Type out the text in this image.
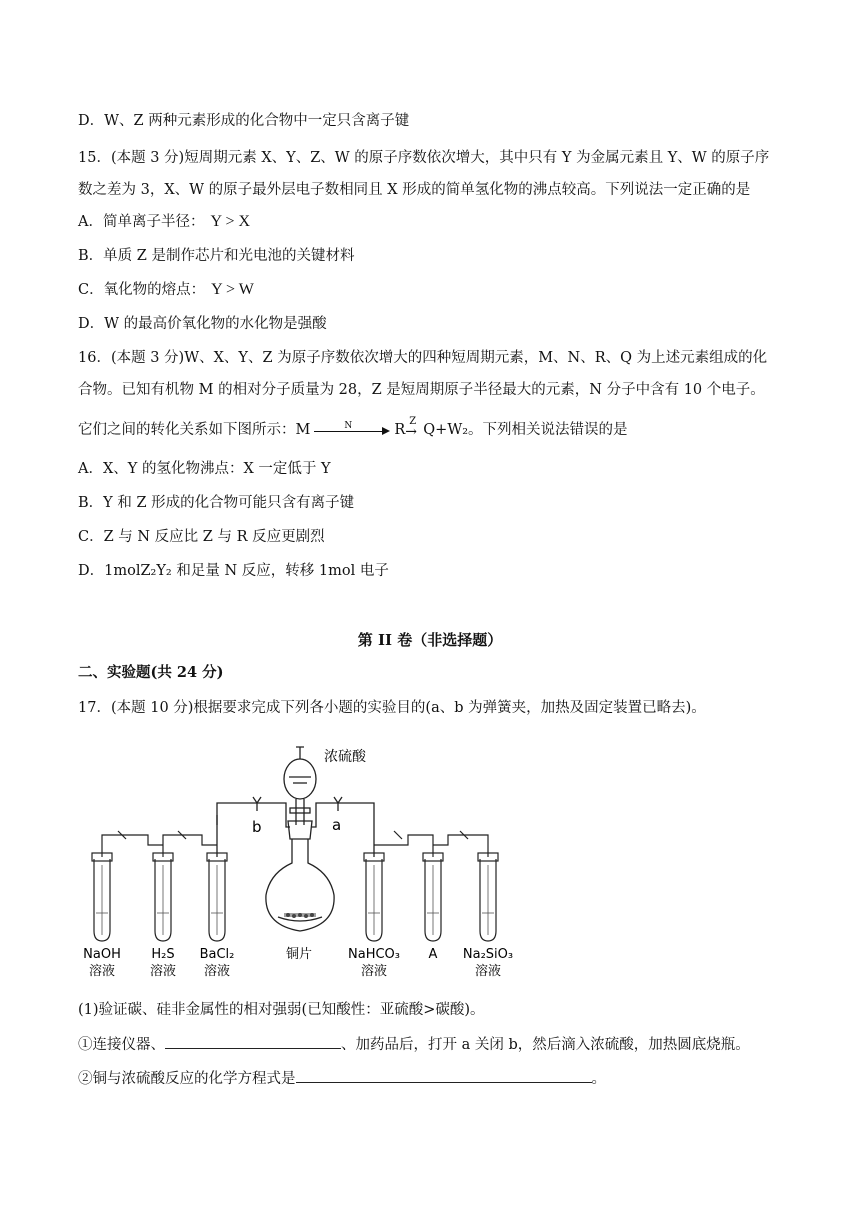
D．W、Z 两种元素形成的化合物中一定只含离子键
15．(本题 3 分)短周期元素 X、Y、Z、W 的原子序数依次增大，其中只有 Y 为金属元素且 Y、W 的原子序
数之差为 3，X、W 的原子最外层电子数相同且 X 形成的简单氢化物的沸点较高。下列说法一定正确的是
A．简单离子半径： Y > X
B．单质 Z 是制作芯片和光电池的关键材料
C．氧化物的熔点： Y > W
D．W 的最高价氧化物的水化物是强酸
16．(本题 3 分)W、X、Y、Z 为原子序数依次增大的四种短周期元素，M、N、R、Q 为上述元素组成的化
合物。已知有机物 M 的相对分子质量为 28，Z 是短周期原子半径最大的元素，N 分子中含有 10 个电子。
它们之间的转化关系如下图所示：M	N	R
Z
→ Q+W₂。下列相关说法错误的是
A．X、Y 的氢化物沸点：X 一定低于 Y
B．Y 和 Z 形成的化合物可能只含有离子键
C．Z 与 N 反应比 Z 与 R 反应更剧烈
D．1molZ₂Y₂ 和足量 N 反应，转移 1mol 电子
第 II 卷（非选择题）
二、实验题(共 24 分)
17．(本题 10 分)根据要求完成下列各小题的实验目的(a、b 为弹簧夹，加热及固定装置已略去)。
浓硫酸
b	a
铜片
NaOH
溶液
H₂S
溶液
BaCl₂
溶液
NaHCO₃
溶液
A Na₂SiO₃
溶液
(1)验证碳、硅非金属性的相对强弱(已知酸性：亚硫酸>碳酸)。
①连接仪器、	、加药品后，打开 a 关闭 b，然后滴入浓硫酸，加热圆底烧瓶。
②铜与浓硫酸反应的化学方程式是	。
